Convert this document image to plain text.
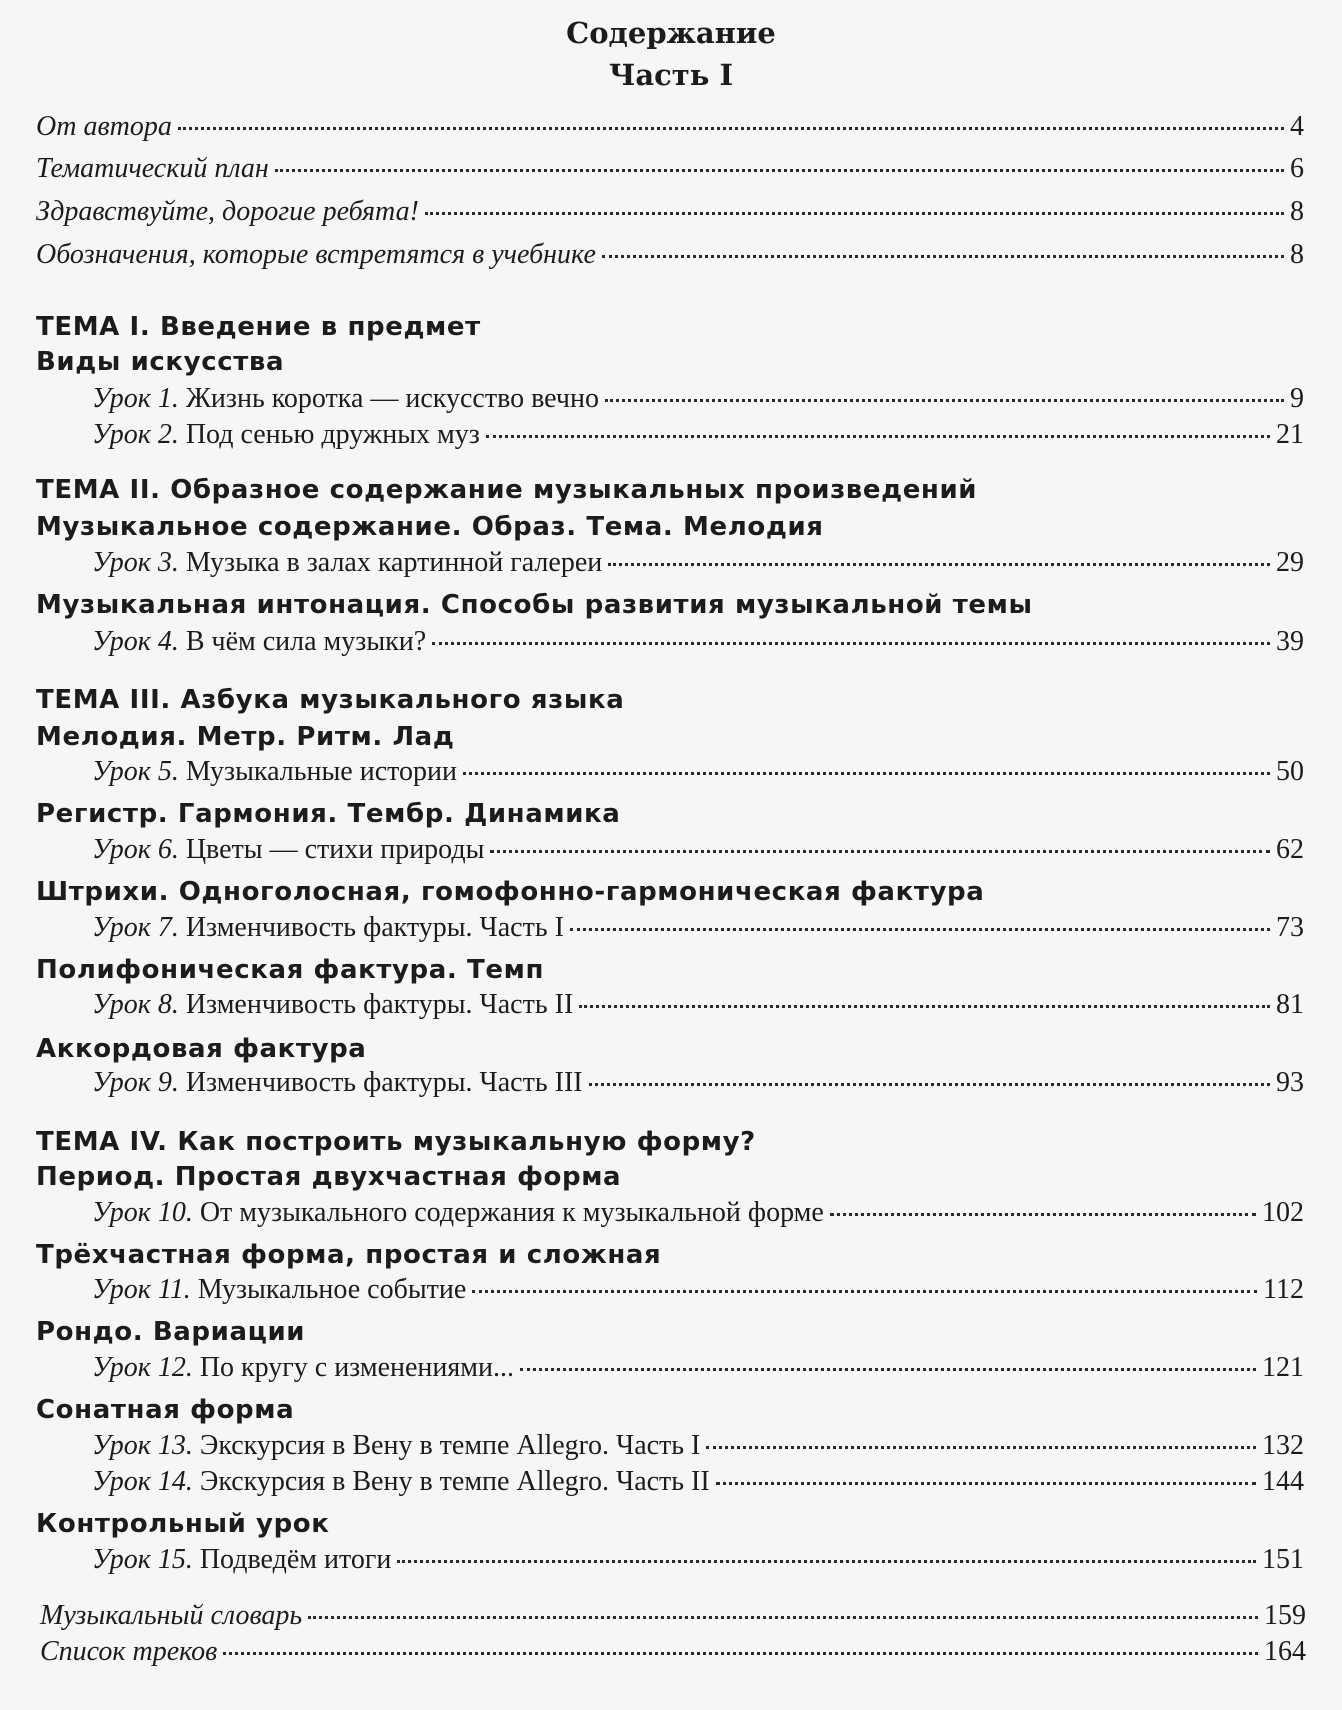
Содержание
Часть I
От автора	4
Тематический план	6
Здравствуйте, дорогие ребята!	8
Обозначения, которые встретятся в учебнике	8
ТЕМА I. Введение в предмет
Виды искусства
Урок 1. Жизнь коротка — искусство вечно	9
Урок 2. Под сенью дружных муз	21
ТЕМА II. Образное содержание музыкальных произведений
Музыкальное содержание. Образ. Тема. Мелодия
Урок 3. Музыка в залах картинной галереи	29
Музыкальная интонация. Способы развития музыкальной темы
Урок 4. В чём сила музыки?	39
ТЕМА III. Азбука музыкального языка
Мелодия. Метр. Ритм. Лад
Урок 5. Музыкальные истории	50
Регистр. Гармония. Тембр. Динамика
Урок 6. Цветы — стихи природы	62
Штрихи. Одноголосная, гомофонно-гармоническая фактура
Урок 7. Изменчивость фактуры. Часть I	73
Полифоническая фактура. Темп
Урок 8. Изменчивость фактуры. Часть II	81
Аккордовая фактура
Урок 9. Изменчивость фактуры. Часть III	93
ТЕМА IV. Как построить музыкальную форму?
Период. Простая двухчастная форма
Урок 10. От музыкального содержания к музыкальной форме	102
Трёхчастная форма, простая и сложная
Урок 11. Музыкальное событие	112
Рондо. Вариации
Урок 12. По кругу с изменениями...	121
Сонатная форма
Урок 13. Экскурсия в Вену в темпе Allegro. Часть I	132
Урок 14. Экскурсия в Вену в темпе Allegro. Часть II	144
Контрольный урок
Урок 15. Подведём итоги	151
Музыкальный словарь	159
Список треков	164
